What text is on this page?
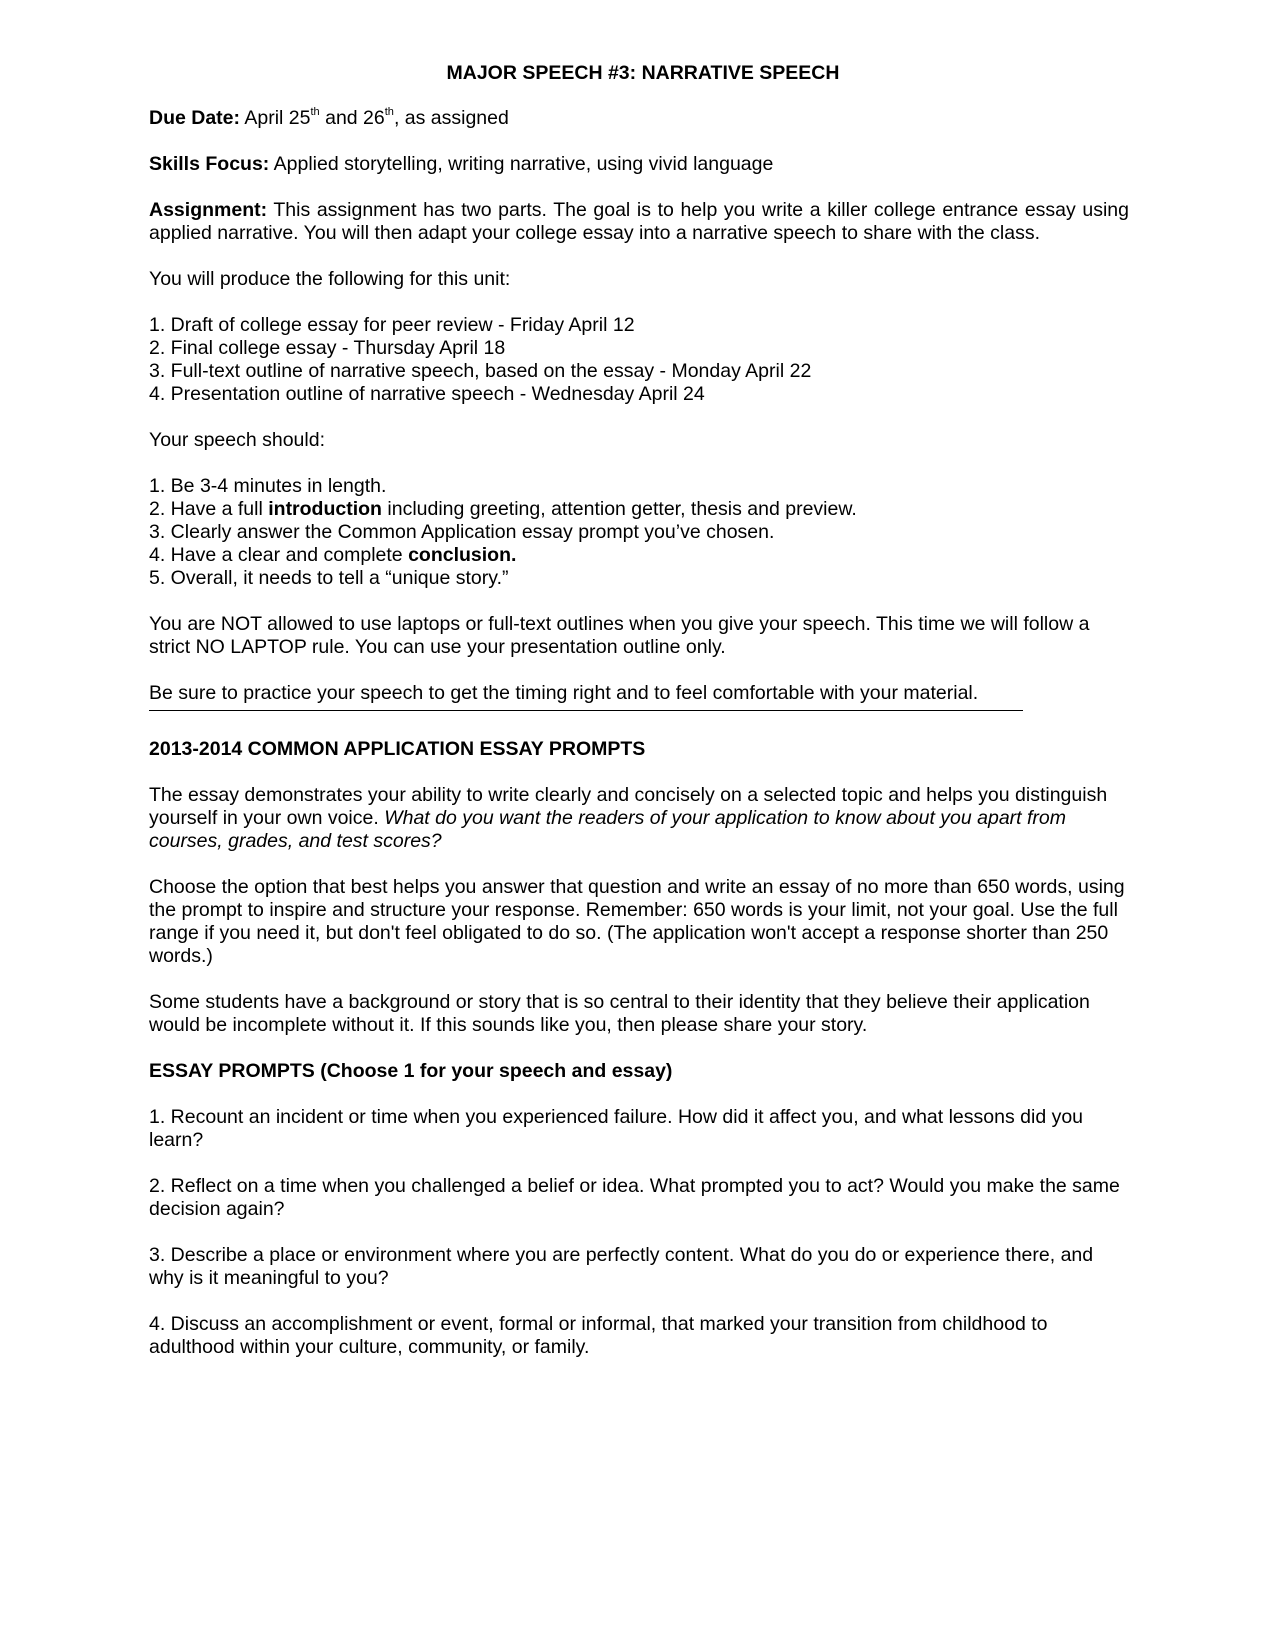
MAJOR SPEECH #3: NARRATIVE SPEECH

Due Date: April 25th and 26th, as assigned

Skills Focus: Applied storytelling, writing narrative, using vivid language

Assignment: This assignment has two parts. The goal is to help you write a killer college entrance essay using applied narrative. You will then adapt your college essay into a narrative speech to share with the class.

You will produce the following for this unit:

1. Draft of college essay for peer review - Friday April 12
2. Final college essay - Thursday April 18
3. Full-text outline of narrative speech, based on the essay - Monday April 22
4. Presentation outline of narrative speech - Wednesday April 24

Your speech should:

1. Be 3-4 minutes in length.
2. Have a full introduction including greeting, attention getter, thesis and preview.
3. Clearly answer the Common Application essay prompt you’ve chosen.
4. Have a clear and complete conclusion.
5. Overall, it needs to tell a “unique story.”

You are NOT allowed to use laptops or full-text outlines when you give your speech. This time we will follow a strict NO LAPTOP rule. You can use your presentation outline only.

Be sure to practice your speech to get the timing right and to feel comfortable with your material.

2013-2014 COMMON APPLICATION ESSAY PROMPTS

The essay demonstrates your ability to write clearly and concisely on a selected topic and helps you distinguish yourself in your own voice. What do you want the readers of your application to know about you apart from courses, grades, and test scores?

Choose the option that best helps you answer that question and write an essay of no more than 650 words, using the prompt to inspire and structure your response. Remember: 650 words is your limit, not your goal. Use the full range if you need it, but don't feel obligated to do so. (The application won't accept a response shorter than 250 words.)

Some students have a background or story that is so central to their identity that they believe their application would be incomplete without it. If this sounds like you, then please share your story.

ESSAY PROMPTS (Choose 1 for your speech and essay)

1. Recount an incident or time when you experienced failure. How did it affect you, and what lessons did you learn?

2. Reflect on a time when you challenged a belief or idea. What prompted you to act? Would you make the same decision again?

3. Describe a place or environment where you are perfectly content. What do you do or experience there, and why is it meaningful to you?

4. Discuss an accomplishment or event, formal or informal, that marked your transition from childhood to adulthood within your culture, community, or family.
